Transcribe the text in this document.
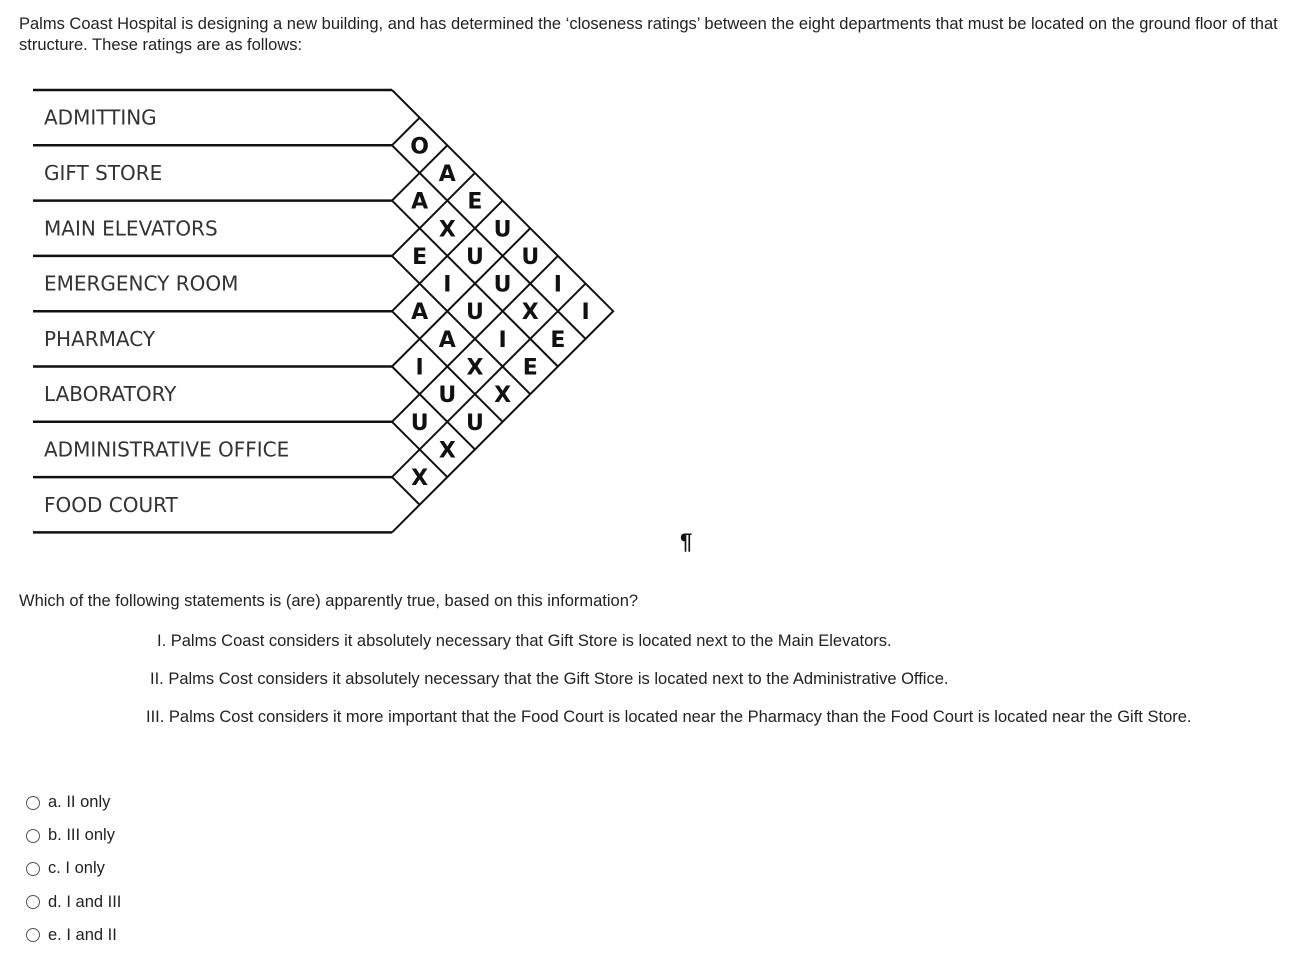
Palms Coast Hospital is designing a new building, and has determined the ‘closeness ratings’ between the eight departments that must be located on the ground floor of that structure. These ratings are as follows:

ADMITTING
GIFT STORE
MAIN ELEVATORS
EMERGENCY ROOM
PHARMACY
LABORATORY
ADMINISTRATIVE OFFICE
FOOD COURT
O
A
E
U
U
I
I
A
X
U
U
X
E
E
I
U
I
E
A
A
X
X
I
U
U
U
X
X
¶

Which of the following statements is (are) apparently true, based on this information?

I. Palms Coast considers it absolutely necessary that Gift Store is located next to the Main Elevators.

II. Palms Cost considers it absolutely necessary that the Gift Store is located next to the Administrative Office.

III. Palms Cost considers it more important that the Food Court is located near the Pharmacy than the Food Court is located near the Gift Store.

a. II only
b. III only
c. I only
d. I and III
e. I and II
